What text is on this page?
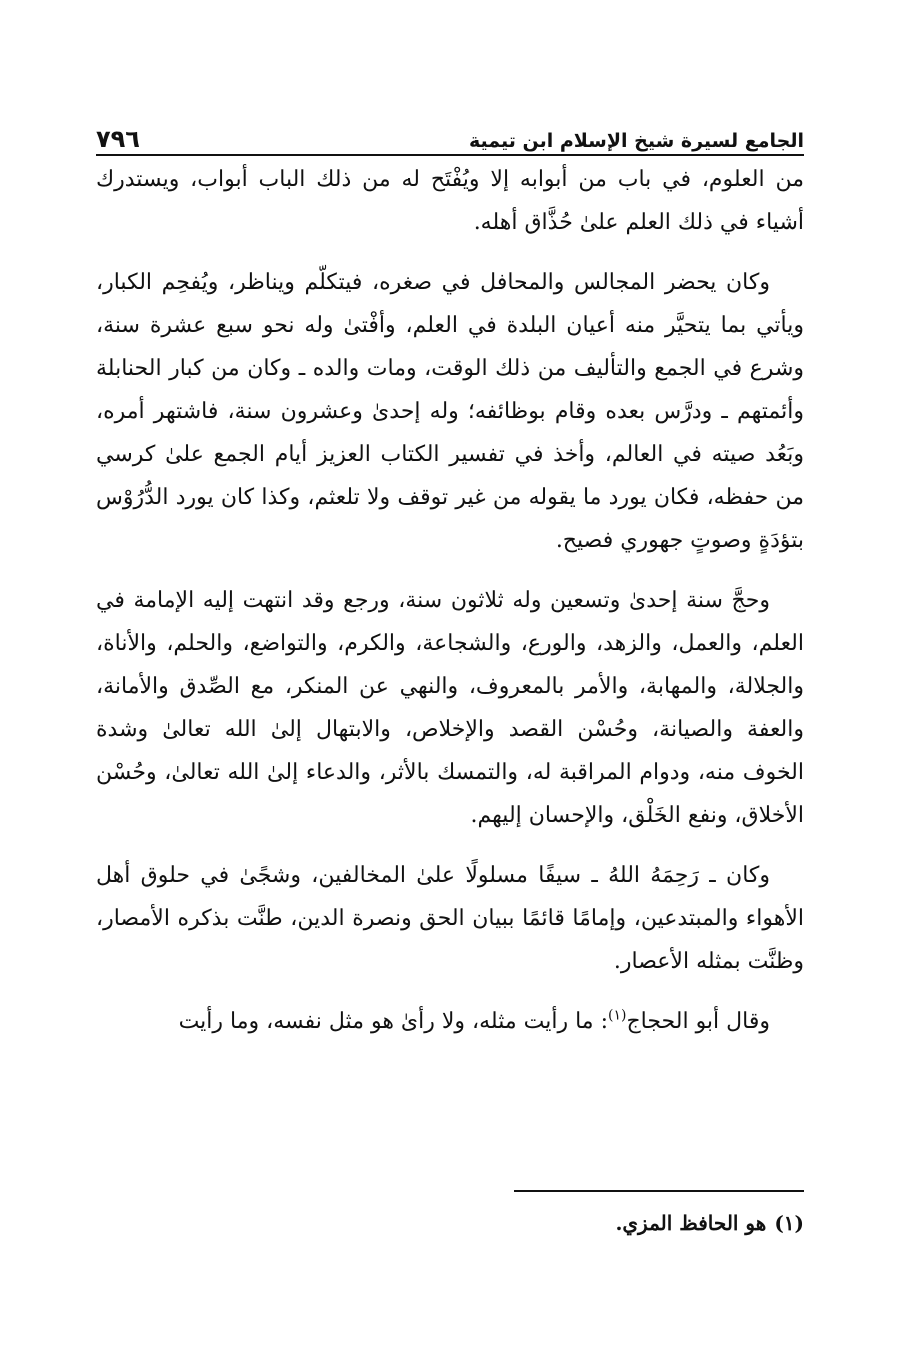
الجامع لسيرة شيخ الإسلام ابن تيمية
٧٩٦

من العلوم، في باب من أبوابه إلا ويُفْتَح له من ذلك الباب أبواب، ويستدرك أشياء في ذلك العلم علىٰ حُذَّاق أهله.

وكان يحضر المجالس والمحافل في صغره، فيتكلّم ويناظر، ويُفحِم الكبار، ويأتي بما يتحيَّر منه أعيان البلدة في العلم، وأفْتىٰ وله نحو سبع عشرة سنة، وشرع في الجمع والتأليف من ذلك الوقت، ومات والده ـ وكان من كبار الحنابلة وأئمتهم ـ ودرَّس بعده وقام بوظائفه؛ وله إحدىٰ وعشرون سنة، فاشتهر أمره، وبَعُد صيته في العالم، وأخذ في تفسير الكتاب العزيز أيام الجمع علىٰ كرسي من حفظه، فكان يورد ما يقوله من غير توقف ولا تلعثم، وكذا كان يورد الدُّرُوْس بتؤدَةٍ وصوتٍ جهوري فصيح.

وحجَّ سنة إحدىٰ وتسعين وله ثلاثون سنة، ورجع وقد انتهت إليه الإمامة في العلم، والعمل، والزهد، والورع، والشجاعة، والكرم، والتواضع، والحلم، والأناة، والجلالة، والمهابة، والأمر بالمعروف، والنهي عن المنكر، مع الصِّدق والأمانة، والعفة والصيانة، وحُسْن القصد والإخلاص، والابتهال إلىٰ الله تعالىٰ وشدة الخوف منه، ودوام المراقبة له، والتمسك بالأثر، والدعاء إلىٰ الله تعالىٰ، وحُسْن الأخلاق، ونفع الخَلْق، والإحسان إليهم.

وكان ـ رَحِمَهُ اللهُ ـ سيفًا مسلولًا علىٰ المخالفين، وشجًىٰ في حلوق أهل الأهواء والمبتدعين، وإمامًا قائمًا ببيان الحق ونصرة الدين، طنَّت بذكره الأمصار، وظنَّت بمثله الأعصار.

وقال أبو الحجاج$^{(١)}$: ما رأيت مثله، ولا رأىٰ هو مثل نفسه، وما رأيت

(١)هو الحافظ المزي.
